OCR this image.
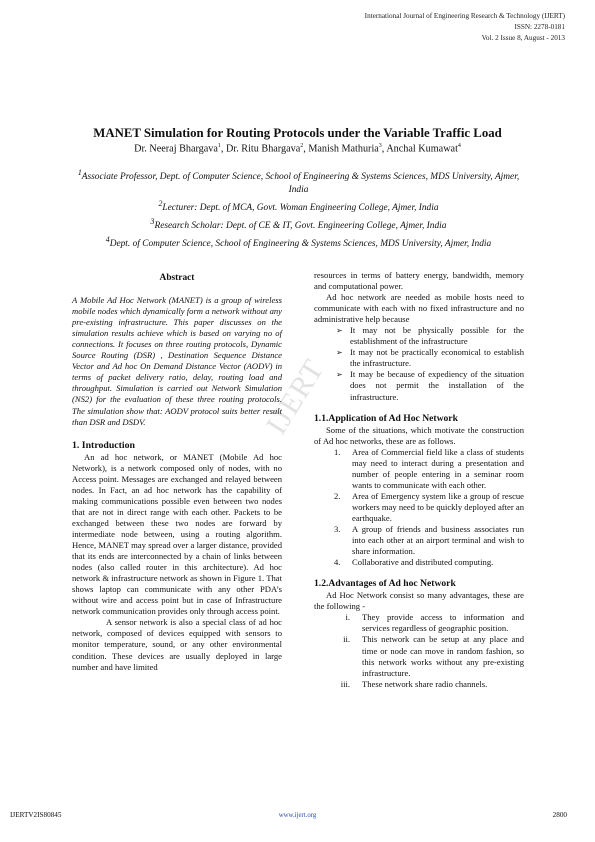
International Journal of Engineering Research & Technology (IJERT)
ISSN: 2278-0181
Vol. 2 Issue 8, August - 2013
MANET Simulation for Routing Protocols under the Variable Traffic Load
Dr. Neeraj Bhargava$^1$, Dr. Ritu Bhargava$^2$, Manish Mathuria$^3$, Anchal Kumawat$^4$
$^1$Associate Professor, Dept. of Computer Science, School of Engineering & Systems Sciences, MDS University, Ajmer, India
$^2$Lecturer: Dept. of MCA, Govt. Woman Engineering College, Ajmer, India
$^3$Research Scholar: Dept. of CE & IT, Govt. Engineering College, Ajmer, India
$^4$Dept. of Computer Science, School of Engineering & Systems Sciences, MDS University, Ajmer, India
IJERT
Abstract

A Mobile Ad Hoc Network (MANET) is a group of wireless mobile nodes which dynamically form a network without any pre-existing infrastructure. This paper discusses on the simulation results achieve which is based on varying no of connections. It focuses on three routing protocols, Dynamic Source Routing (DSR) , Destination Sequence Distance Vector and Ad hoc On Demand Distance Vector (AODV) in terms of packet delivery ratio, delay, routing load and throughput. Simulation is carried out Network Simulation (NS2) for the evaluation of these three routing protocols. The simulation show that: AODV protocol suits better result than DSR and DSDV.

1. Introduction

An ad hoc network, or MANET (Mobile Ad hoc Network), is a network composed only of nodes, with no Access point. Messages are exchanged and relayed between nodes. In Fact, an ad hoc network has the capability of making communications possible even between two nodes that are not in direct range with each other. Packets to be exchanged between these two nodes are forward by intermediate node between, using a routing algorithm. Hence, MANET may spread over a larger distance, provided that its ends are interconnected by a chain of links between nodes (also called router in this architecture). Ad hoc network & infrastructure network as shown in Figure 1. That shows laptop can communicate with any other PDA’s without wire and access point but in case of Infrastructure network communication provides only through access point.

A sensor network is also a special class of ad hoc network, composed of devices equipped with sensors to monitor temperature, sound, or any other environmental condition. These devices are usually deployed in large number and have limited

resources in terms of battery energy, bandwidth, memory and computational power.

Ad hoc network are needed as mobile hosts need to communicate with each with no fixed infrastructure and no administrative help because

➢ It may not be physically possible for the establishment of the infrastructure
➢ It may not be practically economical to establish the infrastructure.
➢ It may be because of expediency of the situation does not permit the installation of the infrastructure.
1.1.Application of Ad Hoc Network

Some of the situations, which motivate the construction of Ad hoc networks, these are as follows.

1. Area of Commercial field like a class of students may need to interact during a presentation and number of people entering in a seminar room wants to communicate with each other.
2. Area of Emergency system like a group of rescue workers may need to be quickly deployed after an earthquake.
3. A group of friends and business associates run into each other at an airport terminal and wish to share information.
4. Collaborative and distributed computing.
1.2.Advantages of Ad hoc Network

Ad Hoc Network consist so many advantages, these are the following -

i. They provide access to information and services regardless of geographic position.
ii. This network can be setup at any place and time or node can move in random fashion, so this network works without any pre-existing infrastructure.
iii. These network share radio channels.
IJERTV2IS80845	www.ijert.org	2800
